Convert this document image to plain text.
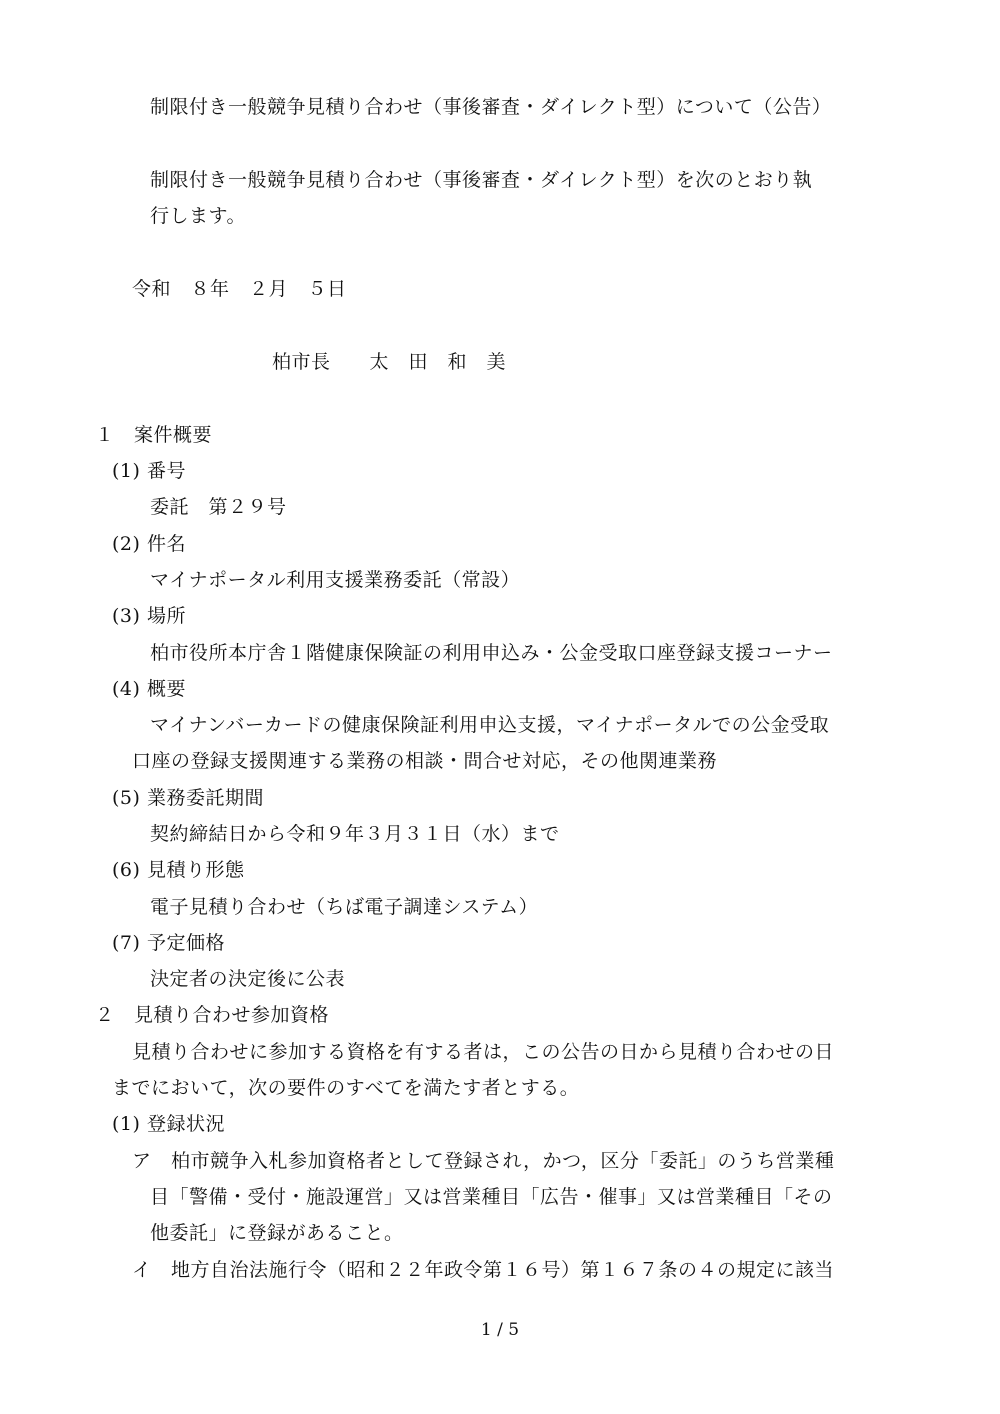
制限付き一般競争見積り合わせ（事後審査・ダイレクト型）について（公告）
制限付き一般競争見積り合わせ（事後審査・ダイレクト型）を次のとおり執
行します。
令和　８年　２月　５日
柏市長　　太　田　和　美
１　案件概要
(1) 番号
委託　第２９号
(2) 件名
マイナポータル利用支援業務委託（常設）
(3) 場所
柏市役所本庁舎１階健康保険証の利用申込み・公金受取口座登録支援コーナー
(4) 概要
マイナンバーカードの健康保険証利用申込支援，マイナポータルでの公金受取
口座の登録支援関連する業務の相談・問合せ対応，その他関連業務
(5) 業務委託期間
契約締結日から令和９年３月３１日（水）まで
(6) 見積り形態
電子見積り合わせ（ちば電子調達システム）
(7) 予定価格
決定者の決定後に公表
２　見積り合わせ参加資格
見積り合わせに参加する資格を有する者は，この公告の日から見積り合わせの日
までにおいて，次の要件のすべてを満たす者とする。
(1) 登録状況
ア　柏市競争入札参加資格者として登録され，かつ，区分「委託」のうち営業種
目「警備・受付・施設運営」又は営業種目「広告・催事」又は営業種目「その
他委託」に登録があること。
イ　地方自治法施行令（昭和２２年政令第１６号）第１６７条の４の規定に該当
1 / 5
